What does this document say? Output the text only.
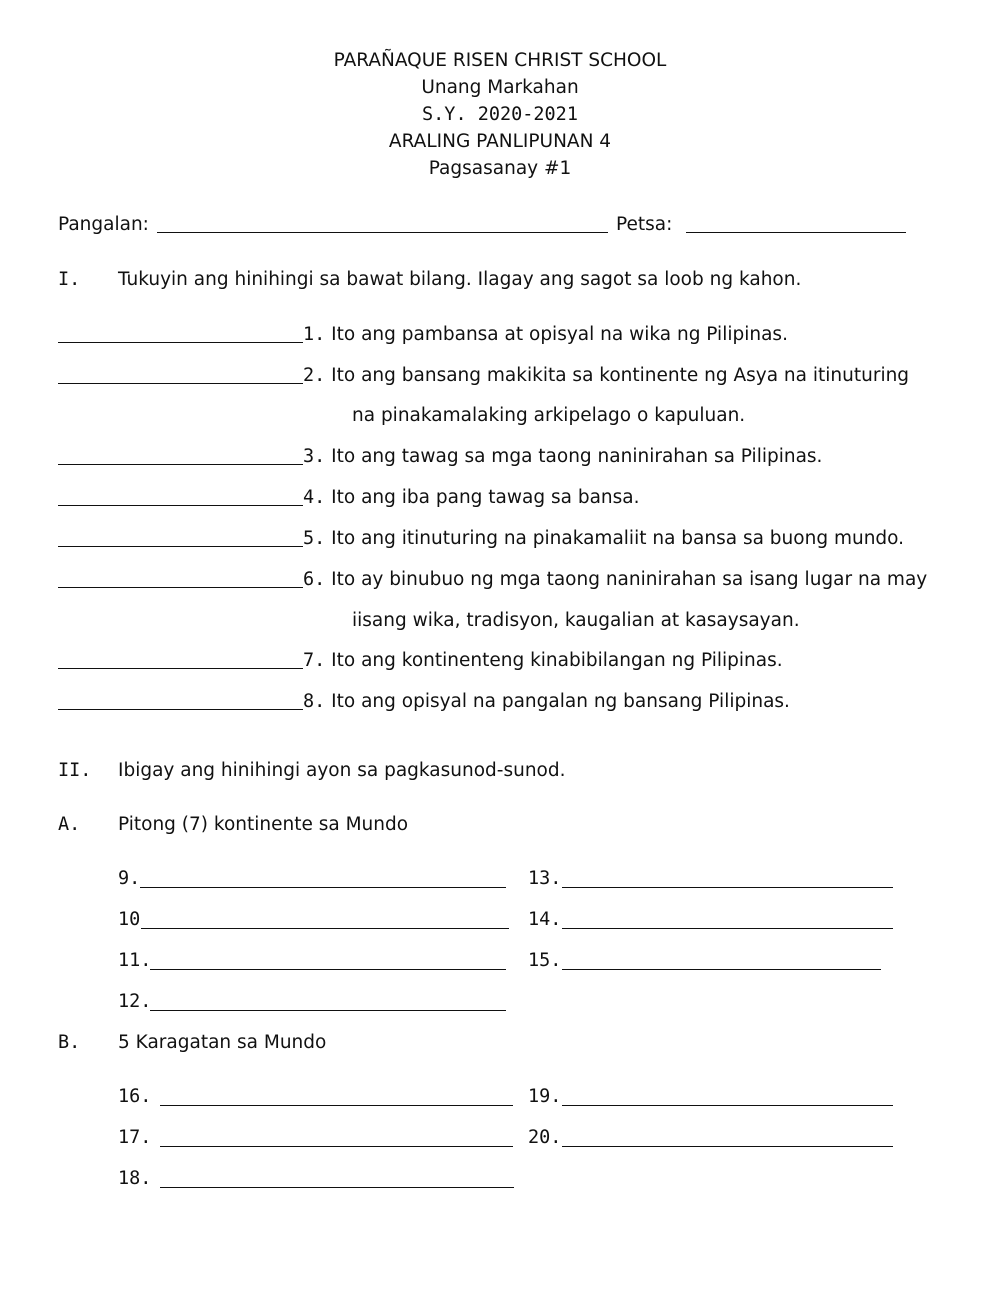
PARAÑAQUE RISEN CHRIST SCHOOL
Unang Markahan
S.Y. 2020-2021
ARALING PANLIPUNAN 4
Pagsasanay #1
Pangalan:	Petsa:
I. Tukuyin ang hinihingi sa bawat bilang. Ilagay ang sagot sa loob ng kahon.
1. Ito ang pambansa at opisyal na wika ng Pilipinas.
2. Ito ang bansang makikita sa kontinente ng Asya na itinuturing
na pinakamalaking arkipelago o kapuluan.
3. Ito ang tawag sa mga taong naninirahan sa Pilipinas.
4. Ito ang iba pang tawag sa bansa.
5. Ito ang itinuturing na pinakamaliit na bansa sa buong mundo.
6. Ito ay binubuo ng mga taong naninirahan sa isang lugar na may
iisang wika, tradisyon, kaugalian at kasaysayan.
7. Ito ang kontinenteng kinabibilangan ng Pilipinas.
8. Ito ang opisyal na pangalan ng bansang Pilipinas.
II. Ibigay ang hinihingi ayon sa pagkasunod-sunod.
A. Pitong (7) kontinente sa Mundo
9.
10
11.
12.
13.
14.
15.
B. 5 Karagatan sa Mundo
16.
17.
18.
19.
20.
